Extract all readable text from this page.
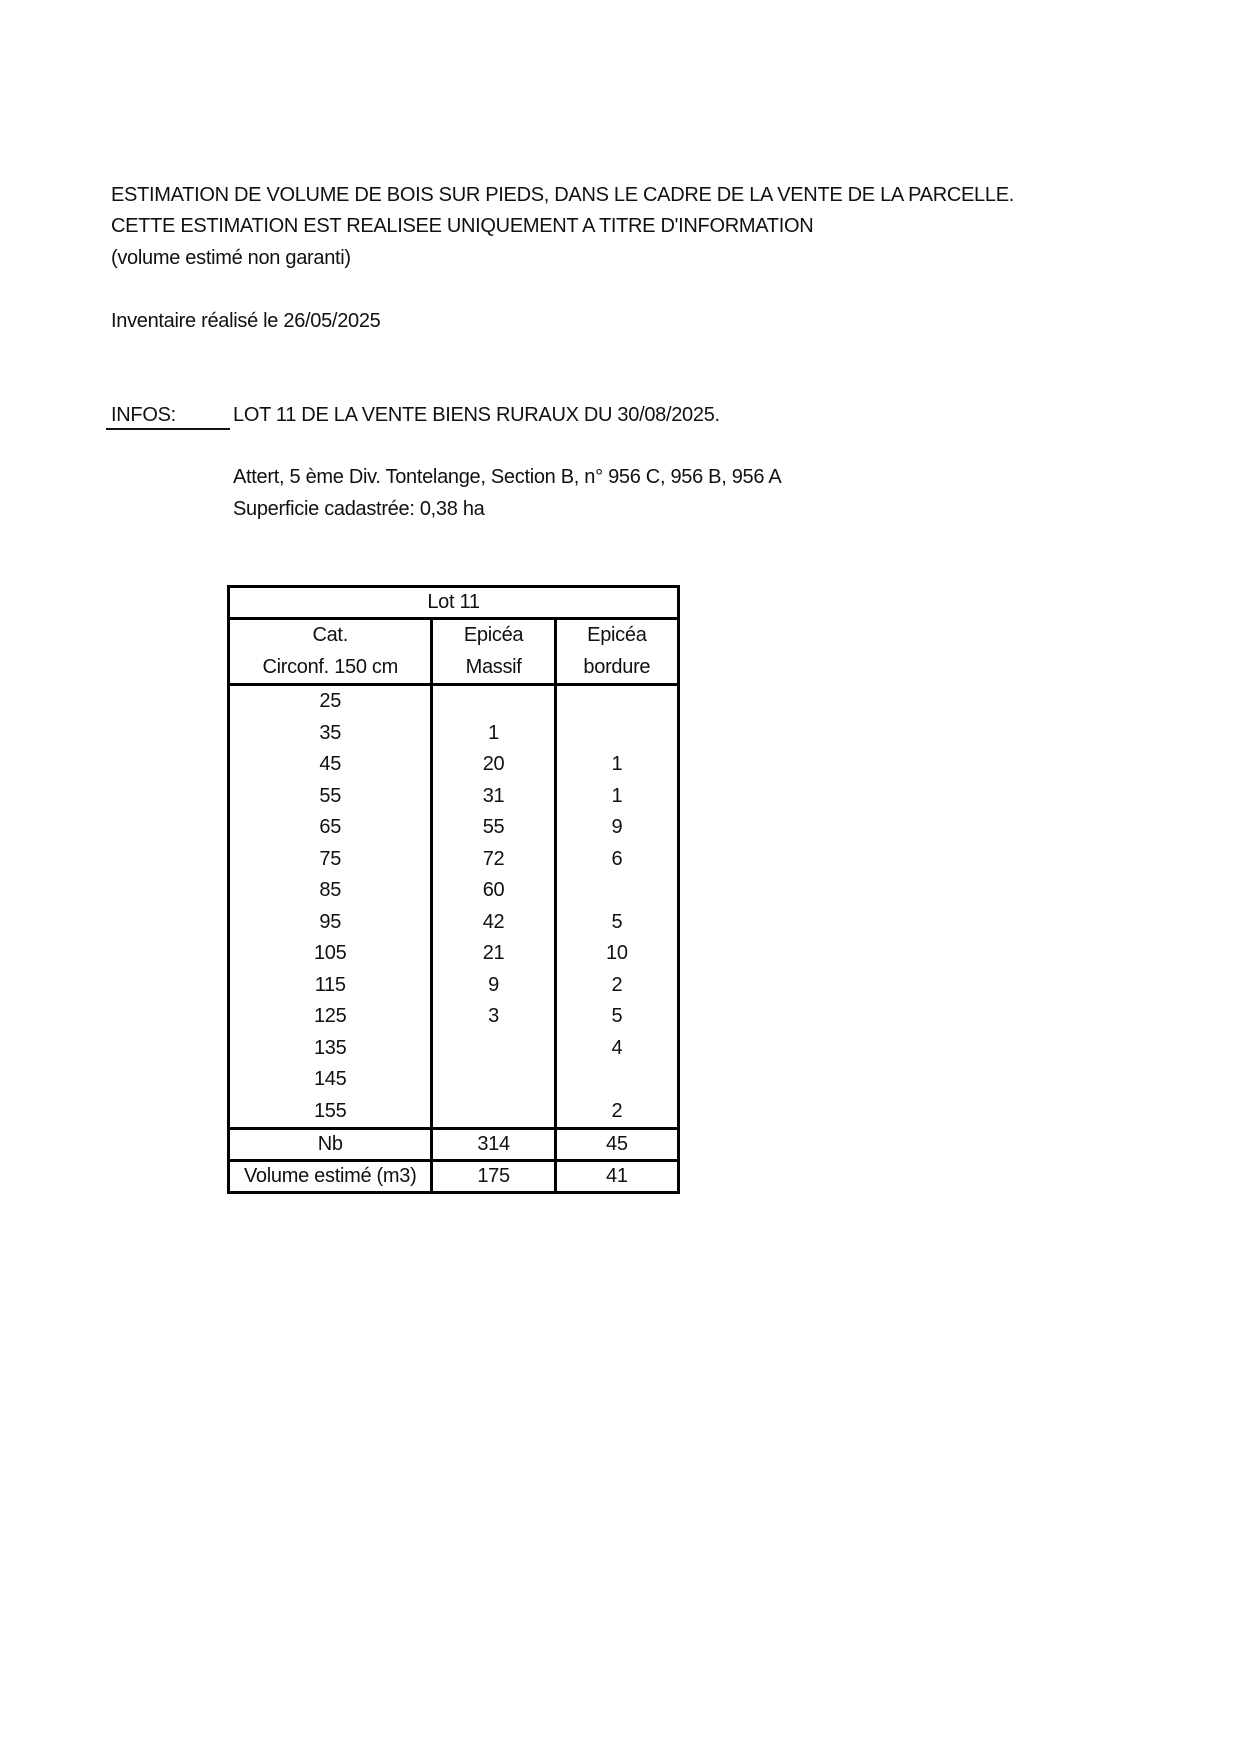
ESTIMATION DE VOLUME DE BOIS SUR PIEDS, DANS LE CADRE DE LA VENTE DE LA PARCELLE.
CETTE ESTIMATION EST REALISEE UNIQUEMENT A TITRE D'INFORMATION
(volume estimé non garanti)
Inventaire réalisé le 26/05/2025
INFOS:	LOT 11 DE LA VENTE BIENS RURAUX DU 30/08/2025.
Attert, 5 ème Div. Tontelange, Section B, n° 956 C, 956 B, 956 A
Superficie cadastrée: 0,38 ha
Lot 11		
Cat.	Epicéa	Epicéa
Circonf. 150 cm	Massif	bordure
25		
35	1	
45	20	1
55	31	1
65	55	9
75	72	6
85	60	
95	42	5
105	21	10
115	9	2
125	3	5
135		4
145		
155		2
Nb	314	45
Volume estimé (m3)	175	41
